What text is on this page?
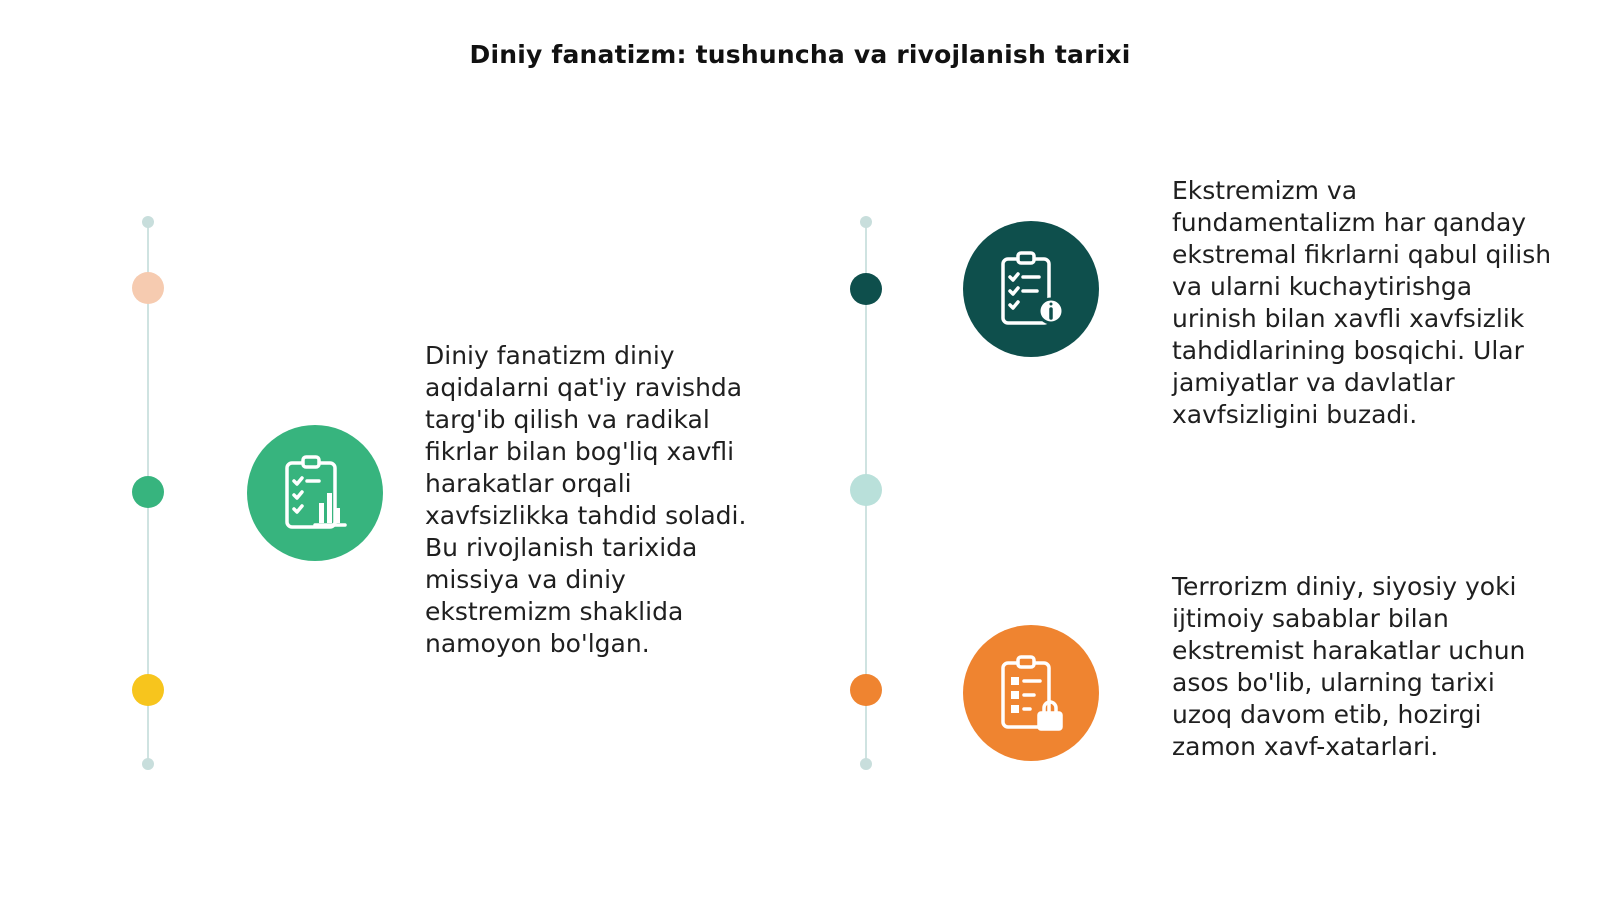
Diniy fanatizm: tushuncha va rivojlanish tarixi
Diniy fanatizm diniy aqidalarni qat'iy ravishda targ'ib qilish va radikal fikrlar bilan bog'liq xavfli harakatlar orqali xavfsizlikka tahdid soladi. Bu rivojlanish tarixida missiya va diniy ekstremizm shaklida namoyon bo'lgan.
Ekstremizm va fundamentalizm har qanday ekstremal fikrlarni qabul qilish va ularni kuchaytirishga urinish bilan xavfli xavfsizlik tahdidlarining bosqichi. Ular jamiyatlar va davlatlar xavfsizligini buzadi.
Terrorizm diniy, siyosiy yoki ijtimoiy sabablar bilan ekstremist harakatlar uchun asos bo'lib, ularning tarixi uzoq davom etib, hozirgi zamon xavf-xatarlari.
